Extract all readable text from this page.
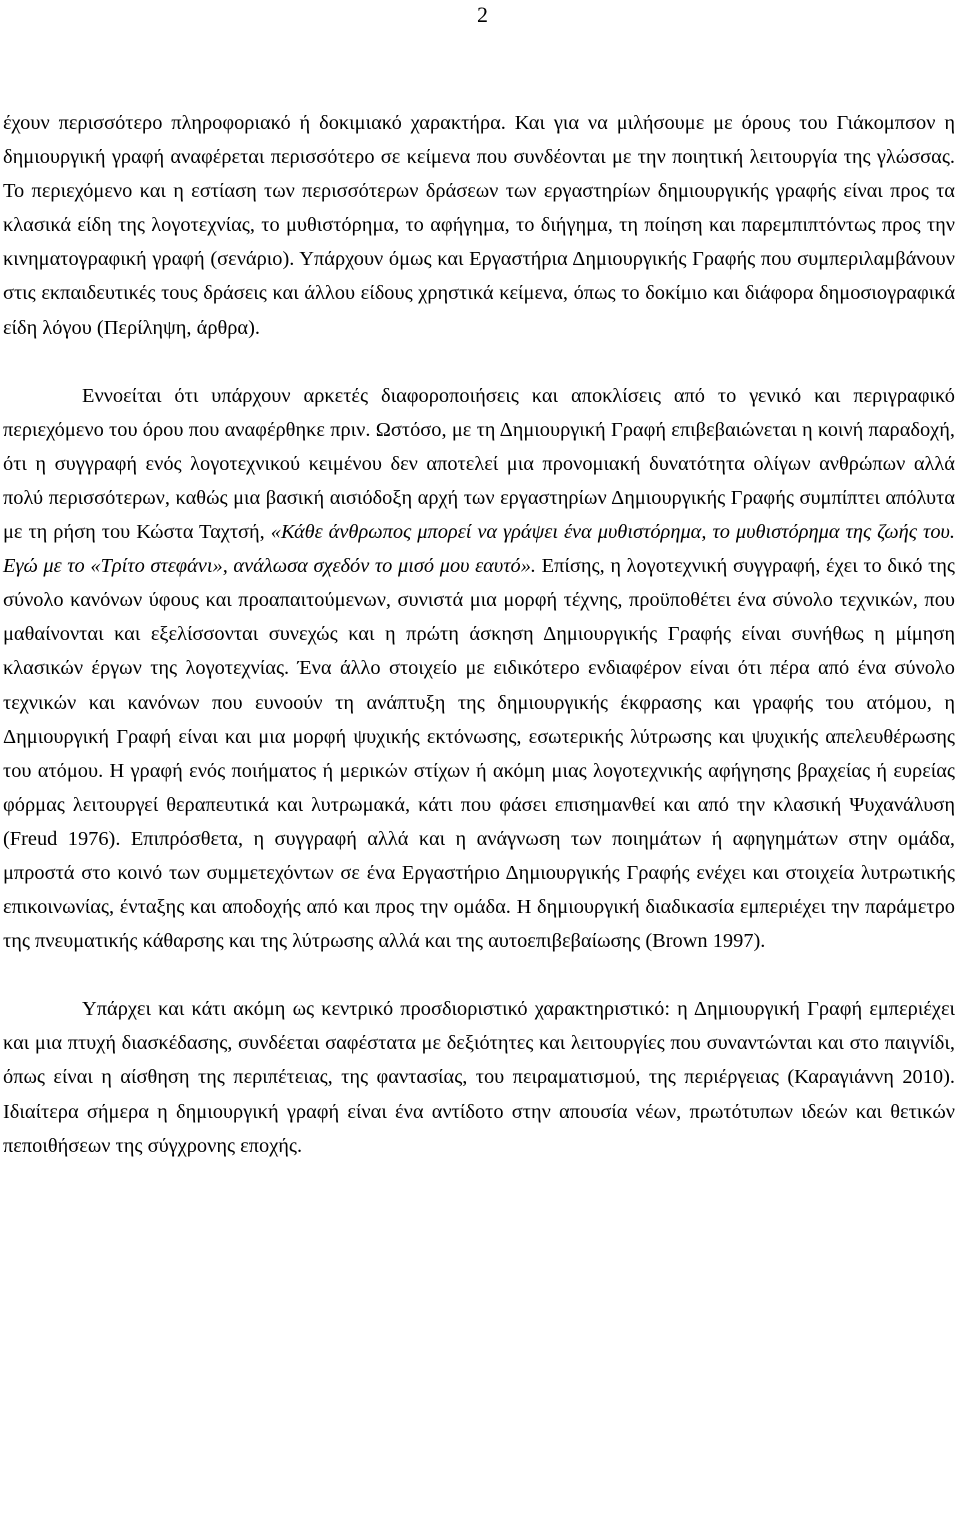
2

έχουν περισσότερο πληροφοριακό ή δοκιμιακό χαρακτήρα. Και για να μιλήσουμε με όρους του Γιάκομπσον η δημιουργική γραφή αναφέρεται περισσότερο σε κείμενα που συνδέονται με την ποιητική λειτουργία της γλώσσας. Το περιεχόμενο και η εστίαση των περισσότερων δράσεων των εργαστηρίων δημιουργικής γραφής είναι προς τα κλασικά είδη της λογοτεχνίας, το μυθιστόρημα, το αφήγημα, το διήγημα, τη ποίηση και παρεμπιπτόντως προς την κινηματογραφική γραφή (σενάριο). Υπάρχουν όμως και Εργαστήρια Δημιουργικής Γραφής που συμπεριλαμβάνουν στις εκπαιδευτικές τους δράσεις και άλλου είδους χρηστικά κείμενα, όπως το δοκίμιο και διάφορα δημοσιογραφικά είδη λόγου (Περίληψη, άρθρα).

Εννοείται ότι υπάρχουν αρκετές διαφοροποιήσεις και αποκλίσεις από το γενικό και περιγραφικό περιεχόμενο του όρου που αναφέρθηκε πριν. Ωστόσο, με τη Δημιουργική Γραφή επιβεβαιώνεται η κοινή παραδοχή, ότι η συγγραφή ενός λογοτεχνικού κειμένου δεν αποτελεί μια προνομιακή δυνατότητα ολίγων ανθρώπων αλλά πολύ περισσότερων, καθώς μια βασική αισιόδοξη αρχή των εργαστηρίων Δημιουργικής Γραφής συμπίπτει απόλυτα με τη ρήση του Κώστα Ταχτσή, «Κάθε άνθρωπος μπορεί να γράψει ένα μυθιστόρημα, το μυθιστόρημα της ζωής του. Εγώ με το «Τρίτο στεφάνι», ανάλωσα σχεδόν το μισό μου εαυτό». Επίσης, η λογοτεχνική συγγραφή, έχει το δικό της σύνολο κανόνων ύφους και προαπαιτούμενων, συνιστά μια μορφή τέχνης, προϋποθέτει ένα σύνολο τεχνικών, που μαθαίνονται και εξελίσσονται συνεχώς και η πρώτη άσκηση Δημιουργικής Γραφής είναι συνήθως η μίμηση κλασικών έργων της λογοτεχνίας. Ένα άλλο στοιχείο με ειδικότερο ενδιαφέρον είναι ότι πέρα από ένα σύνολο τεχνικών και κανόνων που ευνοούν τη ανάπτυξη της δημιουργικής έκφρασης και γραφής του ατόμου, η Δημιουργική Γραφή είναι και μια μορφή ψυχικής εκτόνωσης, εσωτερικής λύτρωσης και ψυχικής απελευθέρωσης του ατόμου. Η γραφή ενός ποιήματος ή μερικών στίχων ή ακόμη μιας λογοτεχνικής αφήγησης βραχείας ή ευρείας φόρμας λειτουργεί θεραπευτικά και λυτρωμακά, κάτι που φάσει επισημανθεί και από την κλασική Ψυχανάλυση (Freud 1976). Επιπρόσθετα, η συγγραφή αλλά και η ανάγνωση των ποιημάτων ή αφηγημάτων στην ομάδα, μπροστά στο κοινό των συμμετεχόντων σε ένα Εργαστήριο Δημιουργικής Γραφής ενέχει και στοιχεία λυτρωτικής επικοινωνίας, ένταξης και αποδοχής από και προς την ομάδα. Η δημιουργική διαδικασία εμπεριέχει την παράμετρο της πνευματικής κάθαρσης και της λύτρωσης αλλά και της αυτοεπιβεβαίωσης (Brown 1997).

Υπάρχει και κάτι ακόμη ως κεντρικό προσδιοριστικό χαρακτηριστικό: η Δημιουργική Γραφή εμπεριέχει και μια πτυχή διασκέδασης, συνδέεται σαφέστατα με δεξιότητες και λειτουργίες που συναντώνται και στο παιγνίδι, όπως είναι η αίσθηση της περιπέτειας, της φαντασίας, του πειραματισμού, της περιέργειας (Καραγιάννη 2010). Ιδιαίτερα σήμερα η δημιουργική γραφή είναι ένα αντίδοτο στην απουσία νέων, πρωτότυπων ιδεών και θετικών πεποιθήσεων της σύγχρονης εποχής.
